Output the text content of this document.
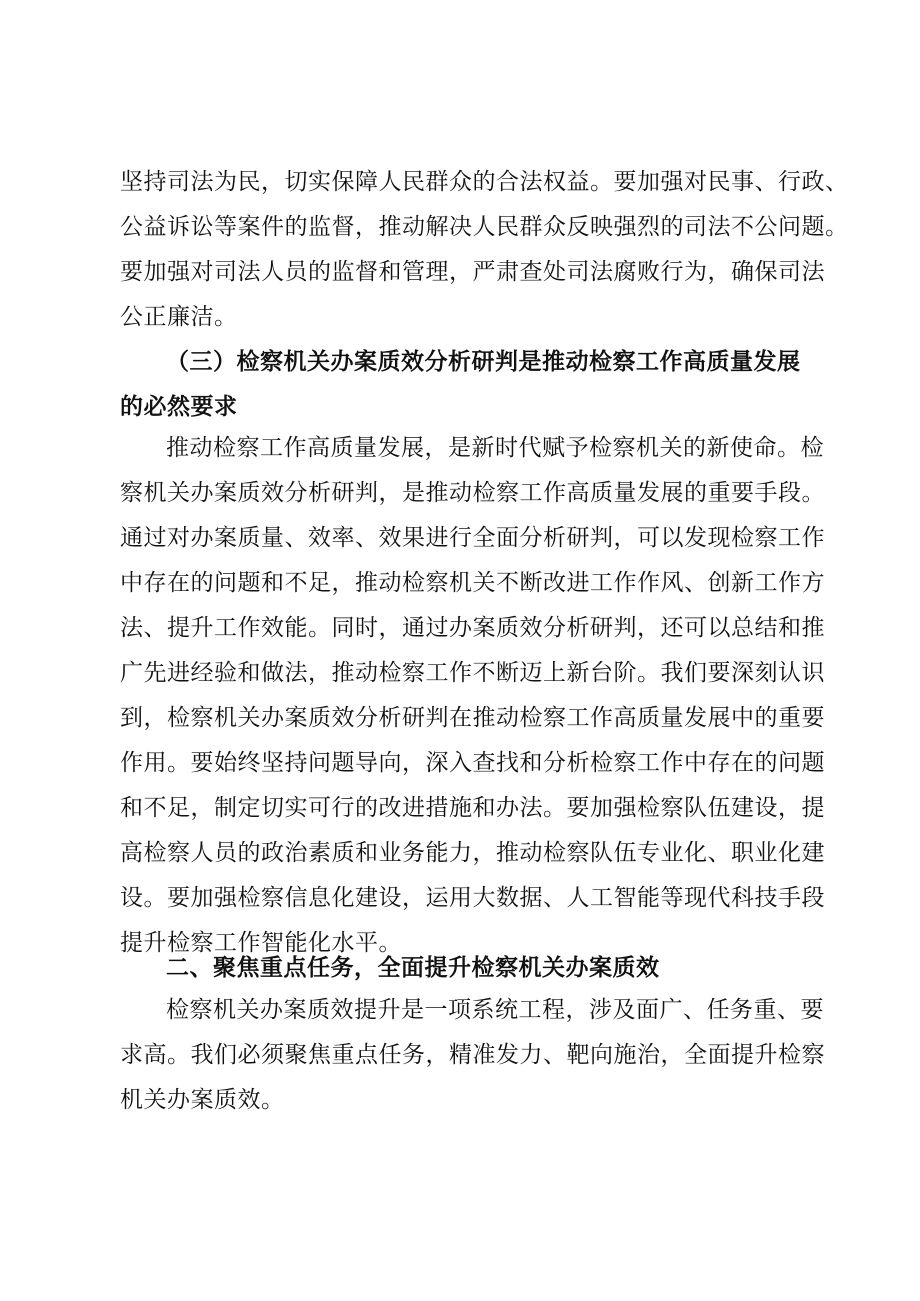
坚持司法为民，切实保障人民群众的合法权益。要加强对民事、行政、
公益诉讼等案件的监督，推动解决人民群众反映强烈的司法不公问题。
要加强对司法人员的监督和管理，严肃查处司法腐败行为，确保司法
公正廉洁。
（三）检察机关办案质效分析研判是推动检察工作高质量发展
的必然要求
推动检察工作高质量发展，是新时代赋予检察机关的新使命。检
察机关办案质效分析研判，是推动检察工作高质量发展的重要手段。
通过对办案质量、效率、效果进行全面分析研判，可以发现检察工作
中存在的问题和不足，推动检察机关不断改进工作作风、创新工作方
法、提升工作效能。同时，通过办案质效分析研判，还可以总结和推
广先进经验和做法，推动检察工作不断迈上新台阶。我们要深刻认识
到，检察机关办案质效分析研判在推动检察工作高质量发展中的重要
作用。要始终坚持问题导向，深入查找和分析检察工作中存在的问题
和不足，制定切实可行的改进措施和办法。要加强检察队伍建设，提
高检察人员的政治素质和业务能力，推动检察队伍专业化、职业化建
设。要加强检察信息化建设，运用大数据、人工智能等现代科技手段
提升检察工作智能化水平。
二、聚焦重点任务，全面提升检察机关办案质效
检察机关办案质效提升是一项系统工程，涉及面广、任务重、要
求高。我们必须聚焦重点任务，精准发力、靶向施治，全面提升检察
机关办案质效。
